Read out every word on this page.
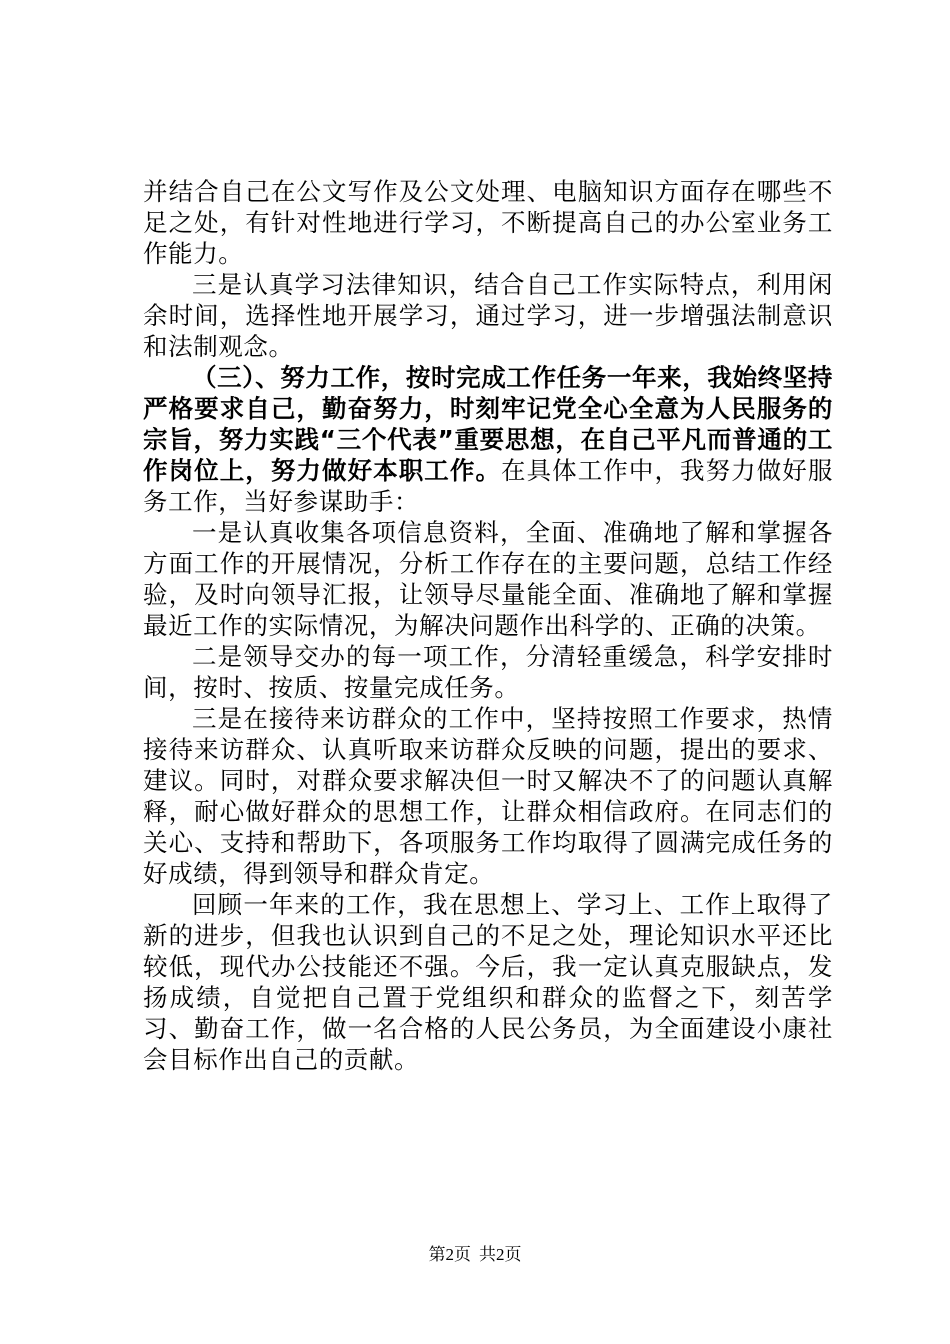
并结合自己在公文写作及公文处理、电脑知识方面存在哪些不足之处，有针对性地进行学习，不断提高自己的办公室业务工作能力。

三是认真学习法律知识，结合自己工作实际特点，利用闲余时间，选择性地开展学习，通过学习，进一步增强法制意识和法制观念。

（三）、努力工作，按时完成工作任务一年来，我始终坚持严格要求自己，勤奋努力，时刻牢记党全心全意为人民服务的宗旨，努力实践“三个代表”重要思想，在自己平凡而普通的工作岗位上，努力做好本职工作。在具体工作中，我努力做好服务工作，当好参谋助手：

一是认真收集各项信息资料，全面、准确地了解和掌握各方面工作的开展情况，分析工作存在的主要问题，总结工作经验，及时向领导汇报，让领导尽量能全面、准确地了解和掌握最近工作的实际情况，为解决问题作出科学的、正确的决策。

二是领导交办的每一项工作，分清轻重缓急，科学安排时间，按时、按质、按量完成任务。

三是在接待来访群众的工作中，坚持按照工作要求，热情接待来访群众、认真听取来访群众反映的问题，提出的要求、建议。同时，对群众要求解决但一时又解决不了的问题认真解释，耐心做好群众的思想工作，让群众相信政府。在同志们的关心、支持和帮助下，各项服务工作均取得了圆满完成任务的好成绩，得到领导和群众肯定。

回顾一年来的工作，我在思想上、学习上、工作上取得了新的进步，但我也认识到自己的不足之处，理论知识水平还比较低，现代办公技能还不强。今后，我一定认真克服缺点，发扬成绩，自觉把自己置于党组织和群众的监督之下，刻苦学习、勤奋工作，做一名合格的人民公务员，为全面建设小康社会目标作出自己的贡献。

第2页 共2页
